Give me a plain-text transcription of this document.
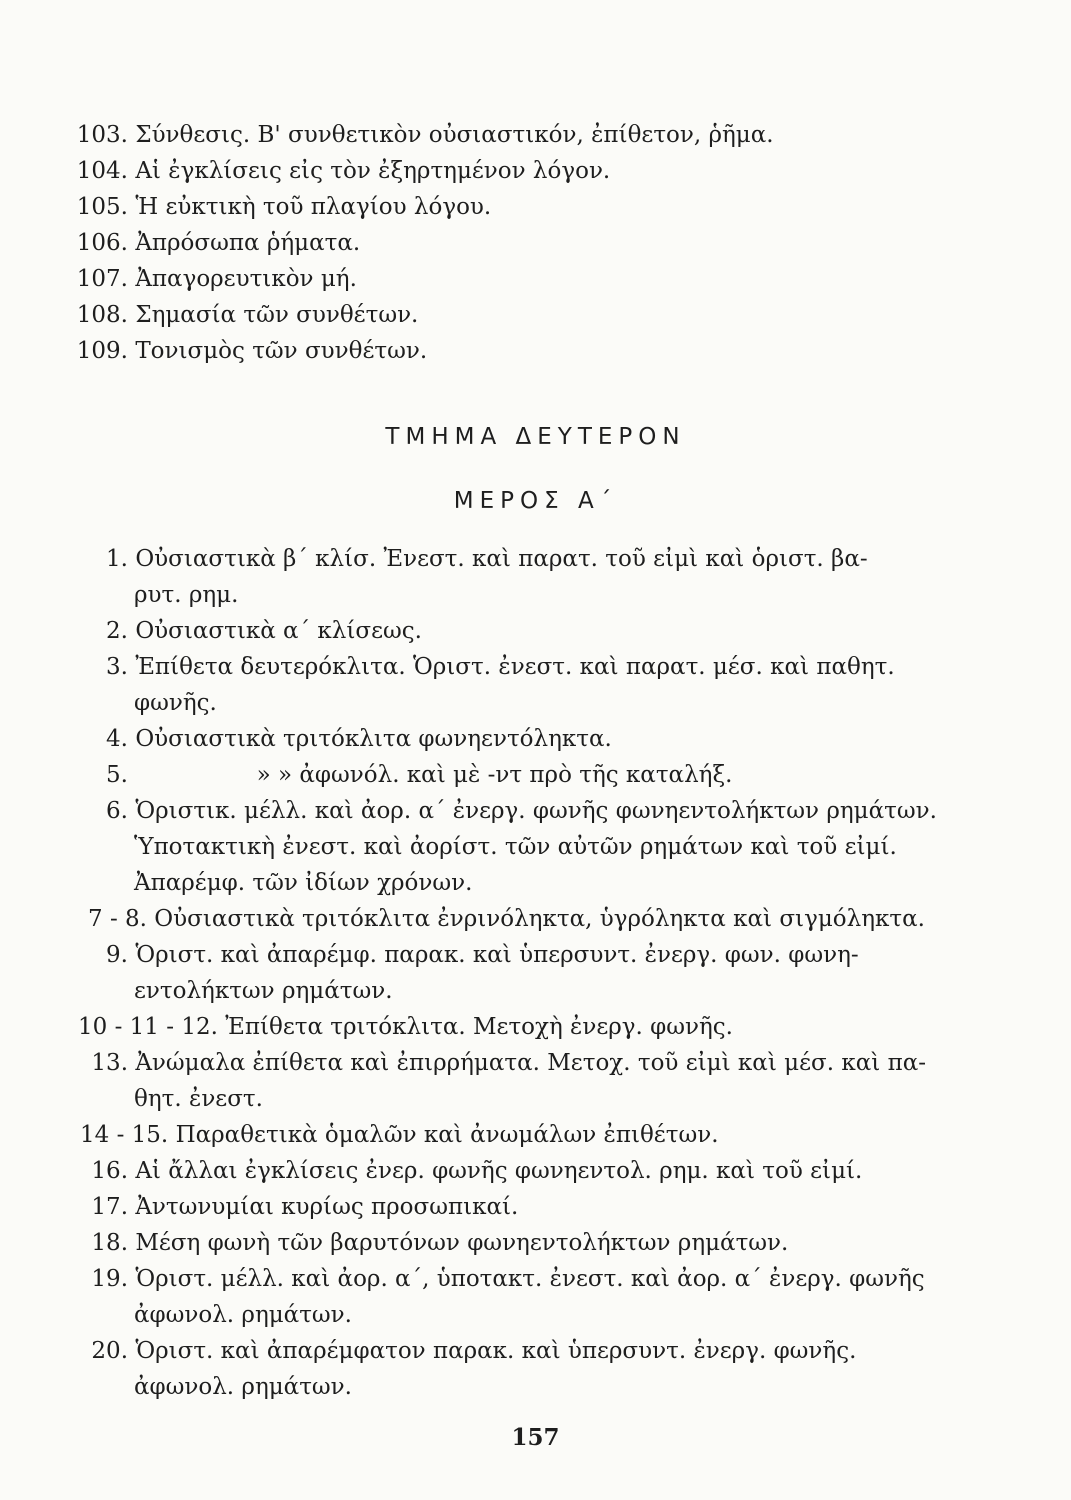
103. Σύνθεσις. Β' συνθετικὸν οὐσιαστικόν, ἐπίθετον, ῥῆμα.
104. Αἱ ἐγκλίσεις εἰς τὸν ἐξηρτημένον λόγον.
105. Ἡ εὐκτικὴ τοῦ πλαγίου λόγου.
106. Ἀπρόσωπα ῥήματα.
107. Ἀπαγορευτικὸν μή.
108. Σημασία τῶν συνθέτων.
109. Τονισμὸς τῶν συνθέτων.
ΤΜΗΜΑ ΔΕΥΤΕΡΟΝ
ΜΕΡΟΣ Α΄
1. Οὐσιαστικὰ β΄ κλίσ. Ἐνεστ. καὶ παρατ. τοῦ εἰμὶ καὶ ὁριστ. βα-
ρυτ. ρημ.
2. Οὐσιαστικὰ α΄ κλίσεως.
3. Ἐπίθετα δευτερόκλιτα. Ὁριστ. ἐνεστ. καὶ παρατ. μέσ. καὶ παθητ.
φωνῆς.
4. Οὐσιαστικὰ τριτόκλιτα φωνηεντόληκτα.
5.	» » ἀφωνόλ. καὶ μὲ -ντ πρὸ τῆς καταλήξ.
6. Ὁριστικ. μέλλ. καὶ ἀορ. α΄ ἐνεργ. φωνῆς φωνηεντολήκτων ρημάτων.
Ὑποτακτικὴ ἐνεστ. καὶ ἀορίστ. τῶν αὐτῶν ρημάτων καὶ τοῦ εἰμί.
Ἀπαρέμφ. τῶν ἰδίων χρόνων.
7 - 8. Οὐσιαστικὰ τριτόκλιτα ἐνρινόληκτα, ὑγρόληκτα καὶ σιγμόληκτα.
9. Ὁριστ. καὶ ἀπαρέμφ. παρακ. καὶ ὑπερσυντ. ἐνεργ. φων. φωνη-
εντολήκτων ρημάτων.
10 - 11 - 12. Ἐπίθετα τριτόκλιτα. Μετοχὴ ἐνεργ. φωνῆς.
13. Ἀνώμαλα ἐπίθετα καὶ ἐπιρρήματα. Μετοχ. τοῦ εἰμὶ καὶ μέσ. καὶ πα-
θητ. ἐνεστ.
14 - 15. Παραθετικὰ ὁμαλῶν καὶ ἀνωμάλων ἐπιθέτων.
16. Αἱ ἄλλαι ἐγκλίσεις ἐνερ. φωνῆς φωνηεντολ. ρημ. καὶ τοῦ εἰμί.
17. Ἀντωνυμίαι κυρίως προσωπικαί.
18. Μέση φωνὴ τῶν βαρυτόνων φωνηεντολήκτων ρημάτων.
19. Ὁριστ. μέλλ. καὶ ἀορ. α΄, ὑποτακτ. ἐνεστ. καὶ ἀορ. α΄ ἐνεργ. φωνῆς
ἀφωνολ. ρημάτων.
20. Ὁριστ. καὶ ἀπαρέμφατον παρακ. καὶ ὑπερσυντ. ἐνεργ. φωνῆς.
ἀφωνολ. ρημάτων.
157
